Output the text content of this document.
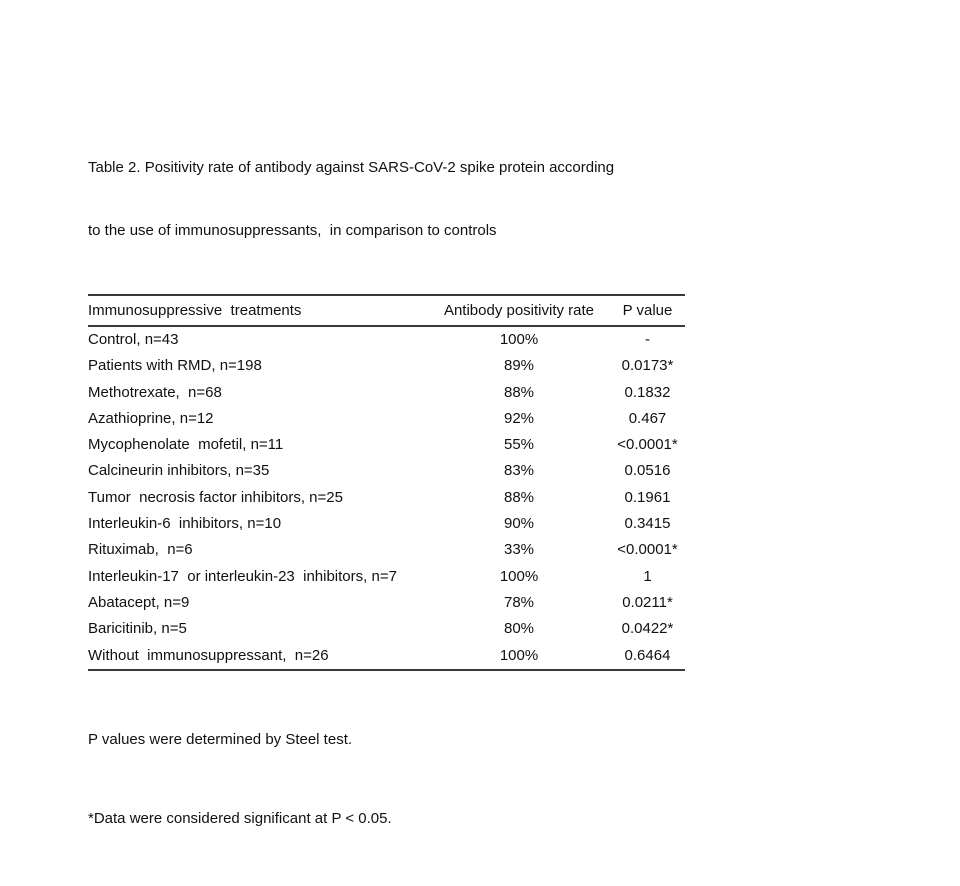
Table 2. Positivity rate of antibody against SARS-CoV-2 spike protein according

to the use of immunosuppressants,  in comparison to controls

Immunosuppressive  treatments	Antibody positivity rate	P value
Control, n=43	100%	-
Patients with RMD, n=198	89%	0.0173*
Methotrexate,  n=68	88%	0.1832
Azathioprine, n=12	92%	0.467
Mycophenolate  mofetil, n=11	55%	<0.0001*
Calcineurin inhibitors, n=35	83%	0.0516
Tumor  necrosis factor inhibitors, n=25	88%	0.1961
Interleukin-6  inhibitors, n=10	90%	0.3415
Rituximab,  n=6	33%	<0.0001*
Interleukin-17  or interleukin-23  inhibitors, n=7	100%	1
Abatacept, n=9	78%	0.0211*
Baricitinib, n=5	80%	0.0422*
Without  immunosuppressant,  n=26	100%	0.6464

P values were determined by Steel test.

*Data were considered significant at P < 0.05.
